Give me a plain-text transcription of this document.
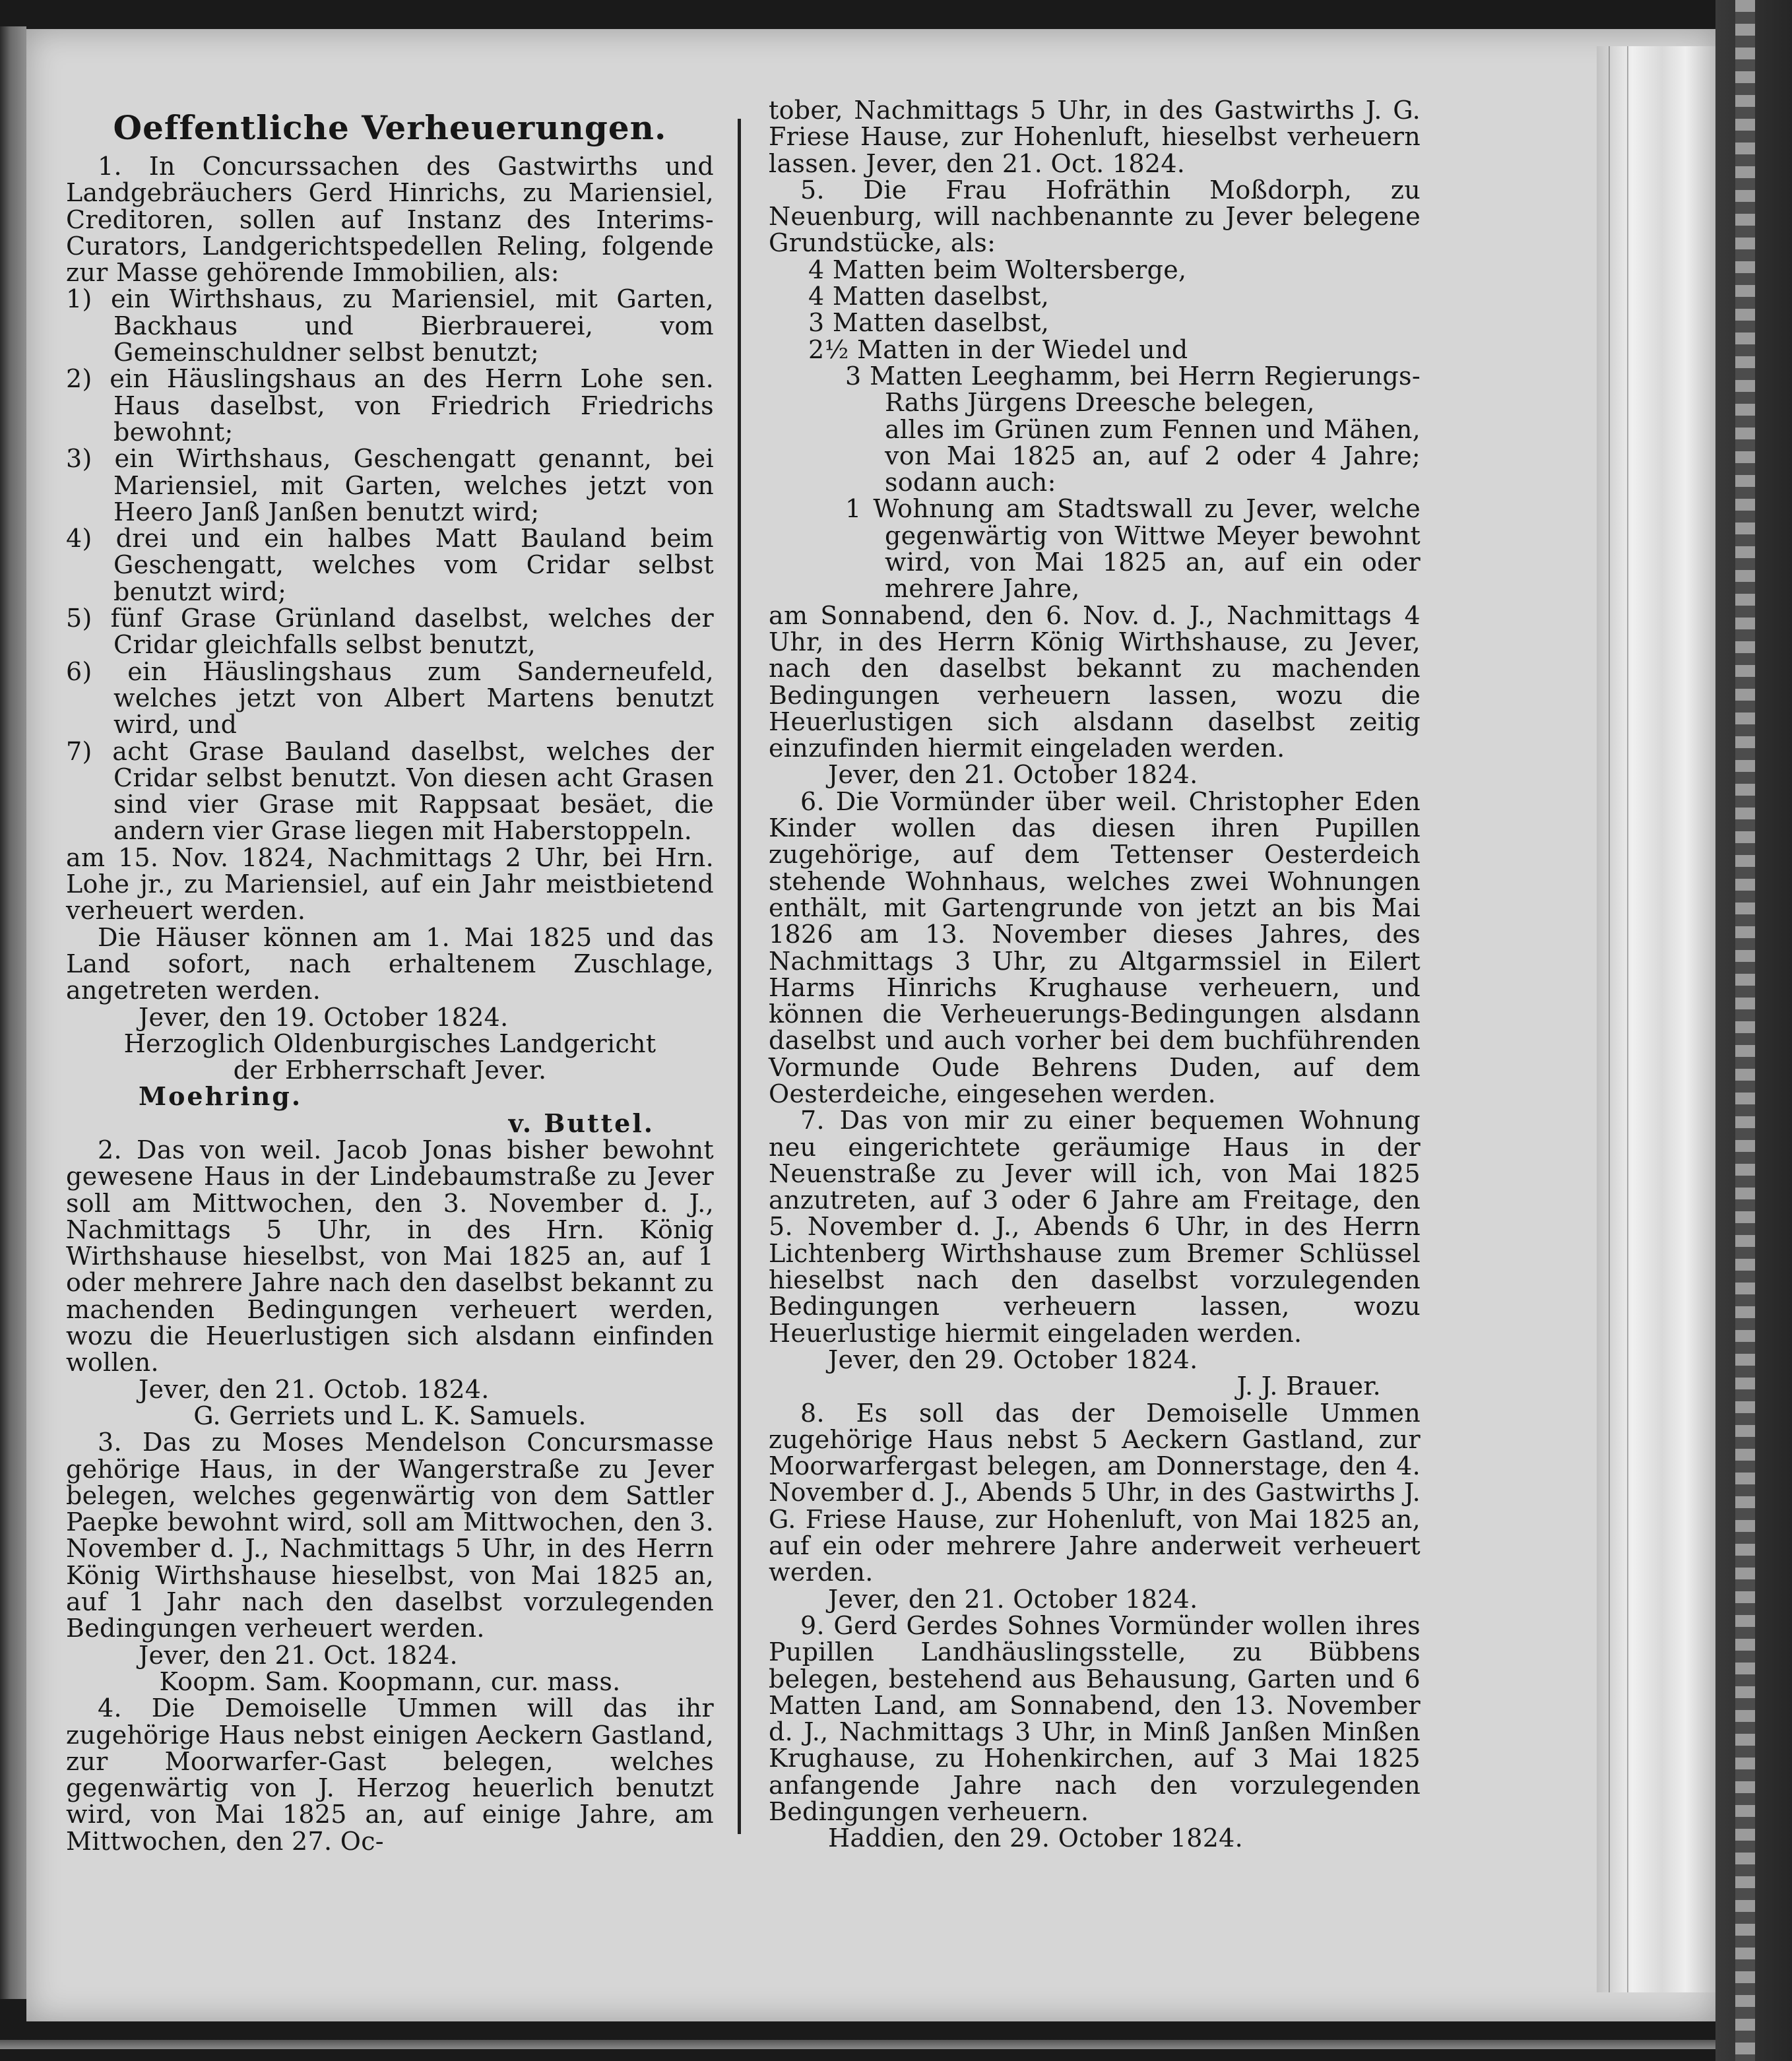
Oeffentliche Verheuerungen.

1. In Concurssachen des Gastwirths und Landgebräuchers Gerd Hinrichs, zu Mariensiel, Creditoren, sollen auf Instanz des Interims-Curators, Landgerichtspedellen Reling, folgende zur Masse gehörende Immobilien, als:

1) ein Wirthshaus, zu Mariensiel, mit Garten, Backhaus und Bierbrauerei, vom Gemeinschuldner selbst benutzt;

2) ein Häuslingshaus an des Herrn Lohe sen. Haus daselbst, von Friedrich Friedrichs bewohnt;

3) ein Wirthshaus, Geschengatt genannt, bei Mariensiel, mit Garten, welches jetzt von Heero Janß Janßen benutzt wird;

4) drei und ein halbes Matt Bauland beim Geschengatt, welches vom Cridar selbst benutzt wird;

5) fünf Grase Grünland daselbst, welches der Cridar gleichfalls selbst benutzt,

6) ein Häuslingshaus zum Sanderneufeld, welches jetzt von Albert Martens benutzt wird, und

7) acht Grase Bauland daselbst, welches der Cridar selbst benutzt. Von diesen acht Grasen sind vier Grase mit Rappsaat besäet, die andern vier Grase liegen mit Haberstoppeln.

am 15. Nov. 1824, Nachmittags 2 Uhr, bei Hrn. Lohe jr., zu Mariensiel, auf ein Jahr meistbietend verheuert werden.

Die Häuser können am 1. Mai 1825 und das Land sofort, nach erhaltenem Zuschlage, angetreten werden.

Jever, den 19. October 1824.

Herzoglich Oldenburgisches Landgericht

der Erbherrschaft Jever.

Moehring.

v. Buttel.

2. Das von weil. Jacob Jonas bisher bewohnt gewesene Haus in der Lindebaumstraße zu Jever soll am Mittwochen, den 3. November d. J., Nachmittags 5 Uhr, in des Hrn. König Wirthshause hieselbst, von Mai 1825 an, auf 1 oder mehrere Jahre nach den daselbst bekannt zu machenden Bedingungen verheuert werden, wozu die Heuerlustigen sich alsdann einfinden wollen.

Jever, den 21. Octob. 1824.

G. Gerriets und L. K. Samuels.

3. Das zu Moses Mendelson Concursmasse gehörige Haus, in der Wangerstraße zu Jever belegen, welches gegenwärtig von dem Sattler Paepke bewohnt wird, soll am Mittwochen, den 3. November d. J., Nachmittags 5 Uhr, in des Herrn König Wirthshause hieselbst, von Mai 1825 an, auf 1 Jahr nach den daselbst vorzulegenden Bedingungen verheuert werden.

Jever, den 21. Oct. 1824.

Koopm. Sam. Koopmann, cur. mass.

4. Die Demoiselle Ummen will das ihr zugehörige Haus nebst einigen Aeckern Gastland, zur Moorwarfer-Gast belegen, welches gegenwärtig von J. Herzog heuerlich benutzt wird, von Mai 1825 an, auf einige Jahre, am Mittwochen, den 27. Oc-

tober, Nachmittags 5 Uhr, in des Gastwirths J. G. Friese Hause, zur Hohenluft, hieselbst verheuern lassen. Jever, den 21. Oct. 1824.

5. Die Frau Hofräthin Moßdorph, zu Neuenburg, will nachbenannte zu Jever belegene Grundstücke, als:

4 Matten beim Woltersberge,

4 Matten daselbst,

3 Matten daselbst,

2½ Matten in der Wiedel und

3 Matten Leeghamm, bei Herrn Regierungs-Raths Jürgens Dreesche belegen,

alles im Grünen zum Fennen und Mähen, von Mai 1825 an, auf 2 oder 4 Jahre; sodann auch:

1 Wohnung am Stadtswall zu Jever, welche gegenwärtig von Wittwe Meyer bewohnt wird, von Mai 1825 an, auf ein oder mehrere Jahre,

am Sonnabend, den 6. Nov. d. J., Nachmittags 4 Uhr, in des Herrn König Wirthshause, zu Jever, nach den daselbst bekannt zu machenden Bedingungen verheuern lassen, wozu die Heuerlustigen sich alsdann daselbst zeitig einzufinden hiermit eingeladen werden.

Jever, den 21. October 1824.

6. Die Vormünder über weil. Christopher Eden Kinder wollen das diesen ihren Pupillen zugehörige, auf dem Tettenser Oesterdeich stehende Wohnhaus, welches zwei Wohnungen enthält, mit Gartengrunde von jetzt an bis Mai 1826 am 13. November dieses Jahres, des Nachmittags 3 Uhr, zu Altgarmssiel in Eilert Harms Hinrichs Krughause verheuern, und können die Verheuerungs-Bedingungen alsdann daselbst und auch vorher bei dem buchführenden Vormunde Oude Behrens Duden, auf dem Oesterdeiche, eingesehen werden.

7. Das von mir zu einer bequemen Wohnung neu eingerichtete geräumige Haus in der Neuenstraße zu Jever will ich, von Mai 1825 anzutreten, auf 3 oder 6 Jahre am Freitage, den 5. November d. J., Abends 6 Uhr, in des Herrn Lichtenberg Wirthshause zum Bremer Schlüssel hieselbst nach den daselbst vorzulegenden Bedingungen verheuern lassen, wozu Heuerlustige hiermit eingeladen werden.

Jever, den 29. October 1824.

J. J. Brauer.

8. Es soll das der Demoiselle Ummen zugehörige Haus nebst 5 Aeckern Gastland, zur Moorwarfergast belegen, am Donnerstage, den 4. November d. J., Abends 5 Uhr, in des Gastwirths J. G. Friese Hause, zur Hohenluft, von Mai 1825 an, auf ein oder mehrere Jahre anderweit verheuert werden.

Jever, den 21. October 1824.

9. Gerd Gerdes Sohnes Vormünder wollen ihres Pupillen Landhäuslingsstelle, zu Bübbens belegen, bestehend aus Behausung, Garten und 6 Matten Land, am Sonnabend, den 13. November d. J., Nachmittags 3 Uhr, in Minß Janßen Minßen Krughause, zu Hohenkirchen, auf 3 Mai 1825 anfangende Jahre nach den vorzulegenden Bedingungen verheuern.

Haddien, den 29. October 1824.
